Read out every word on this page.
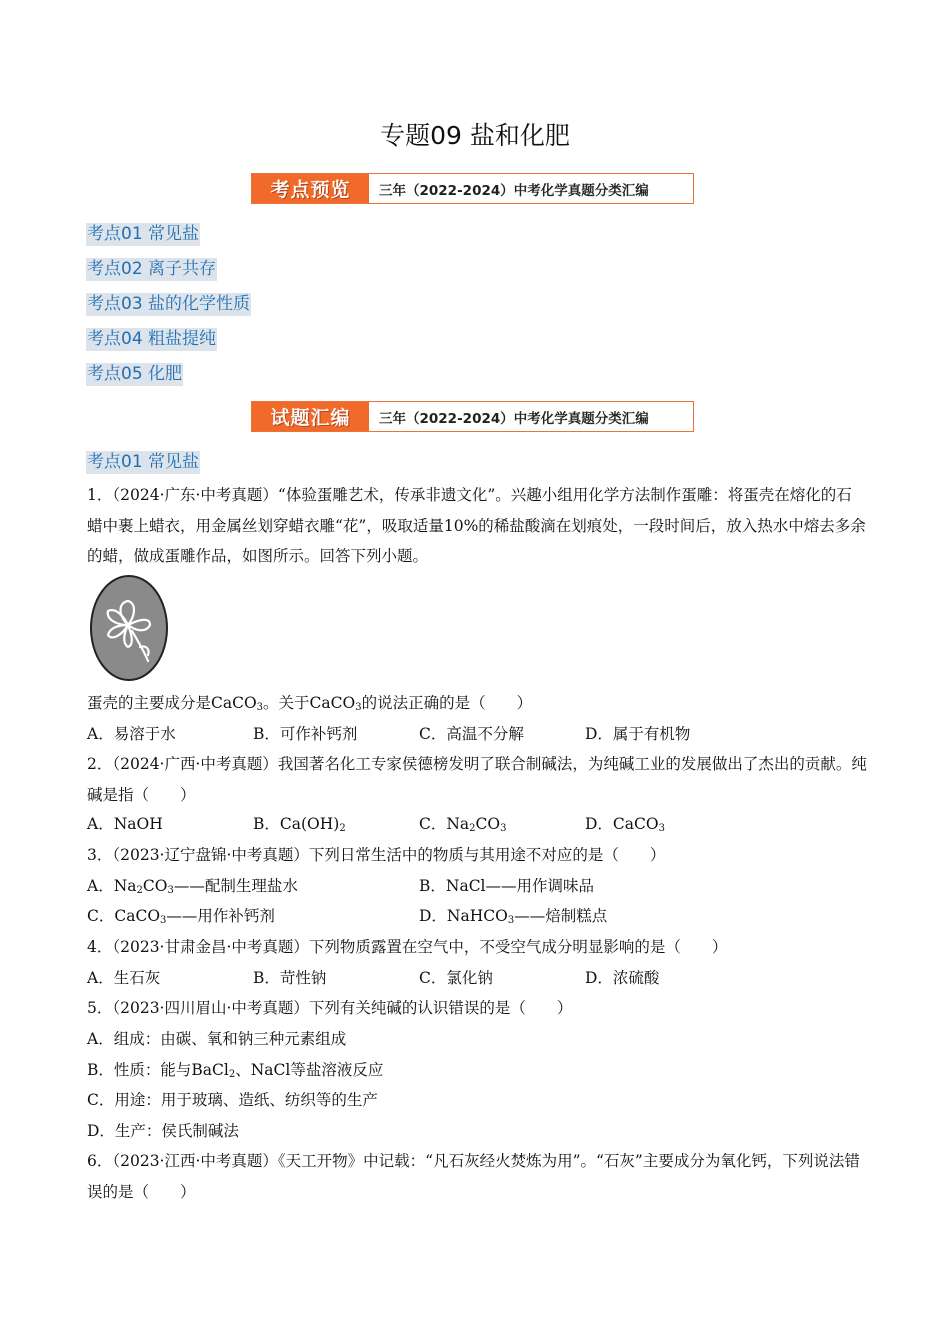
专题09 盐和化肥
考点预览	三年（2022-2024）中考化学真题分类汇编
考点01 常见盐
考点02 离子共存
考点03 盐的化学性质
考点04 粗盐提纯
考点05 化肥
试题汇编	三年（2022-2024）中考化学真题分类汇编
考点01 常见盐
1．（2024·广东·中考真题）“体验蛋雕艺术，传承非遗文化”。兴趣小组用化学方法制作蛋雕：将蛋壳在熔化的石蜡中裹上蜡衣，用金属丝划穿蜡衣雕“花”，吸取适量10%的稀盐酸滴在划痕处，一段时间后，放入热水中熔去多余的蜡，做成蛋雕作品，如图所示。回答下列小题。
蛋壳的主要成分是CaCO$_3$。关于CaCO$_3$的说法正确的是（　　）
A．易溶于水	B．可作补钙剂	C．高温不分解	D．属于有机物
2．（2024·广西·中考真题）我国著名化工专家侯德榜发明了联合制碱法，为纯碱工业的发展做出了杰出的贡献。纯碱是指（　　）
A．NaOH	B．$Ca(OH)_2$	C．$Na_2CO_3$	D．CaCO$_3$
3．（2023·辽宁盘锦·中考真题）下列日常生活中的物质与其用途不对应的是（　　）
A．$Na_2CO_3——$配制生理盐水	B．NaCl——用作调味品
C．CaCO$_3$——用作补钙剂	D．NaHCO$_3$——焙制糕点
4．（2023·甘肃金昌·中考真题）下列物质露置在空气中，不受空气成分明显影响的是（　　）
A．生石灰	B．苛性钠	C．氯化钠	D．浓硫酸
5．（2023·四川眉山·中考真题）下列有关纯碱的认识错误的是（　　）
A．组成：由碳、氧和钠三种元素组成
B．性质：能与BaCl$_2$、NaCl等盐溶液反应
C．用途：用于玻璃、造纸、纺织等的生产
D．生产：侯氏制碱法
6．（2023·江西·中考真题）《天工开物》中记载：“凡石灰经火焚炼为用”。“石灰”主要成分为氧化钙，下列说法错误的是（　　）
